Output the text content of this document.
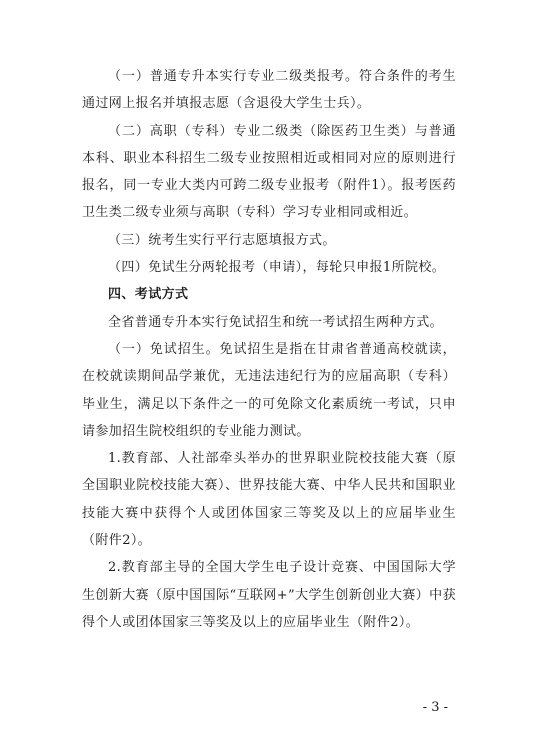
（一）普通专升本实行专业二级类报考。符合条件的考生通过网上报名并填报志愿（含退役大学生士兵）。

（二）高职（专科）专业二级类（除医药卫生类）与普通本科、职业本科招生二级专业按照相近或相同对应的原则进行报名，同一专业大类内可跨二级专业报考（附件1）。报考医药卫生类二级专业须与高职（专科）学习专业相同或相近。

（三）统考生实行平行志愿填报方式。

（四）免试生分两轮报考（申请），每轮只申报1所院校。

四、考试方式

全省普通专升本实行免试招生和统一考试招生两种方式。

（一）免试招生。免试招生是指在甘肃省普通高校就读，在校就读期间品学兼优，无违法违纪行为的应届高职（专科）毕业生，满足以下条件之一的可免除文化素质统一考试，只申请参加招生院校组织的专业能力测试。

1.教育部、人社部牵头举办的世界职业院校技能大赛（原全国职业院校技能大赛）、世界技能大赛、中华人民共和国职业技能大赛中获得个人或团体国家三等奖及以上的应届毕业生（附件2）。

2.教育部主导的全国大学生电子设计竞赛、中国国际大学生创新大赛（原中国国际“互联网+”大学生创新创业大赛）中获得个人或团体国家三等奖及以上的应届毕业生（附件2）。

- 3 -
